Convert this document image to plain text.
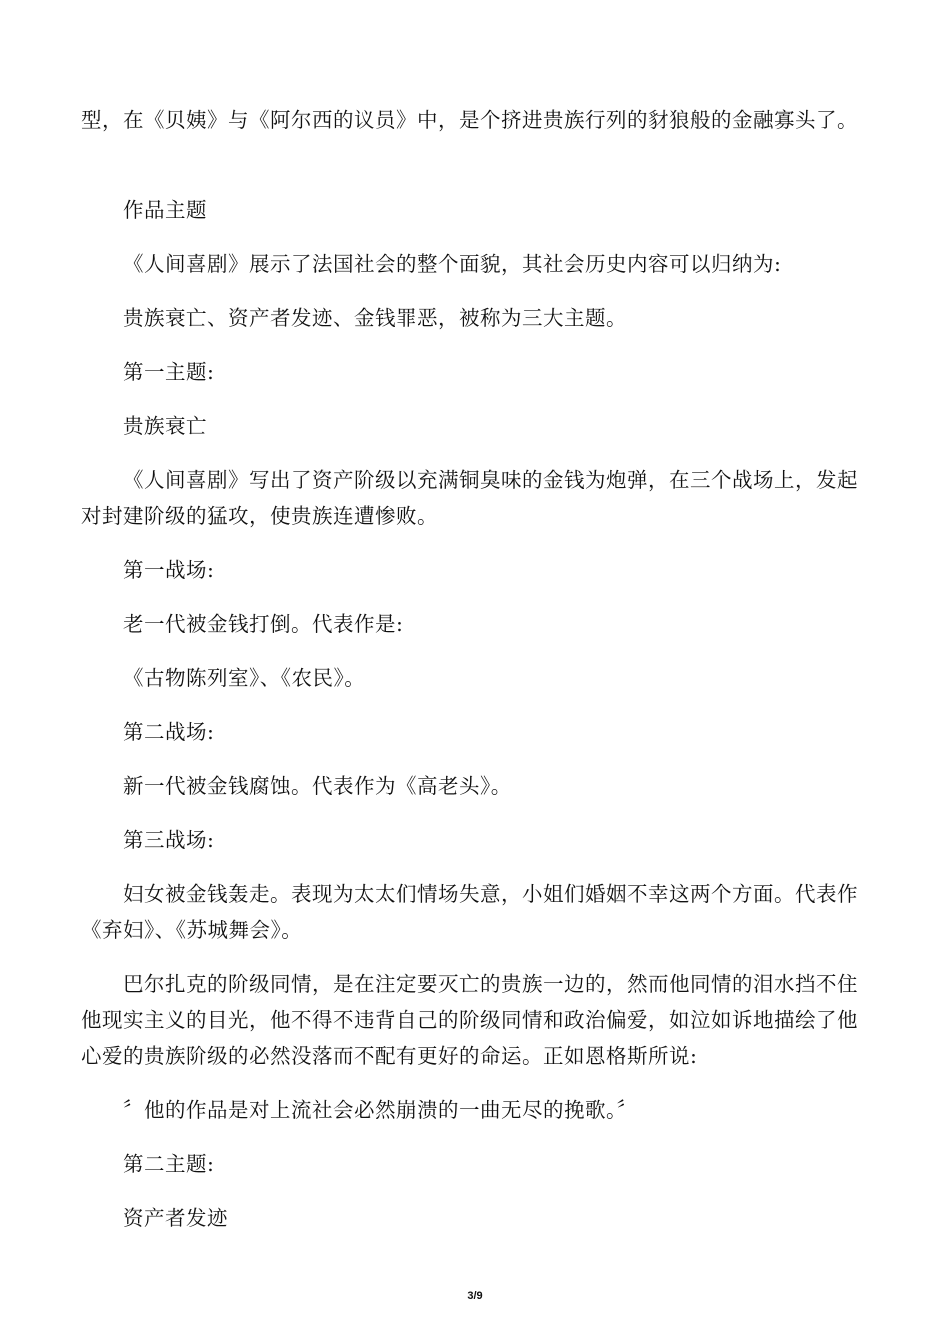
型，在《贝姨》与《阿尔西的议员》中，是个挤进贵族行列的豺狼般的金融寡头了。

作品主题

《人间喜剧》展示了法国社会的整个面貌，其社会历史内容可以归纳为:

贵族衰亡、资产者发迹、金钱罪恶，被称为三大主题。

第一主题:

贵族衰亡

《人间喜剧》写出了资产阶级以充满铜臭味的金钱为炮弹，在三个战场上，发起对封建阶级的猛攻，使贵族连遭惨败。

第一战场:

老一代被金钱打倒。代表作是:

《古物陈列室》、《农民》。

第二战场:

新一代被金钱腐蚀。代表作为《高老头》。

第三战场:

妇女被金钱轰走。表现为太太们情场失意，小姐们婚姻不幸这两个方面。代表作《弃妇》、《苏城舞会》。

巴尔扎克的阶级同情，是在注定要灭亡的贵族一边的，然而他同情的泪水挡不住他现实主义的目光，他不得不违背自己的阶级同情和政治偏爱，如泣如诉地描绘了他心爱的贵族阶级的必然没落而不配有更好的命运。正如恩格斯所说:

〞他的作品是对上流社会必然崩溃的一曲无尽的挽歌。〞

第二主题:

资产者发迹

3/9
